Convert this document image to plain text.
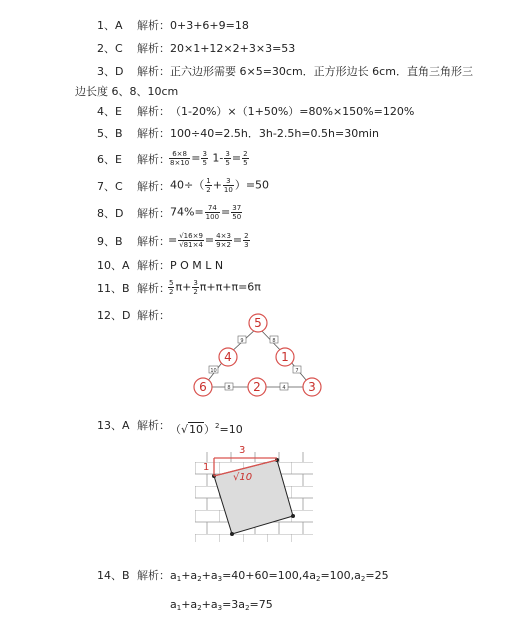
1、A 解析： 0+3+6+9=18
2、C 解析： 20×1+12×2+3×3=53
3、D 解析： 正六边形需要 6×5=30cm．正方形边长 6cm．直角三角形三
边长度 6、8、10cm
4、E 解析： （1-20%）×（1+50%）=80%×150%=120%
5、B 解析： 100÷40=2.5h．3h-2.5h=0.5h=30min
6、E 解析： $\frac{6\times 8}{8\times 10} = \frac{3}{5} 1- \frac{3}{5} = \frac{2}{5}$
7、C 解析： $40\div( \frac{1}{2} + \frac{3}{10} )=50$
8、D 解析： $74\%= \frac{74}{100} = \frac{37}{50}$
9、B 解析：
= $\frac{√16\times 9}{√81\times 4} = \frac{4\times 3}{9\times 2} = \frac{2}{3}$
10、A 解析： P O M L N
11、B 解析：
$\frac{5}{2} \pi+ \frac{3}{2} \pi+\pi+\pi=6\pi$
12、D 解析：
5
4	1
6	2	3
9	8
10	7
8	4
13、A 解析： $(√10)^2=10$
3
1
√10
14、B 解析： $a_1+a_2+a_3=40+60=100,4a_2=100,a_2=25$
$a_1+a_2+a_3=3a_2=75$
